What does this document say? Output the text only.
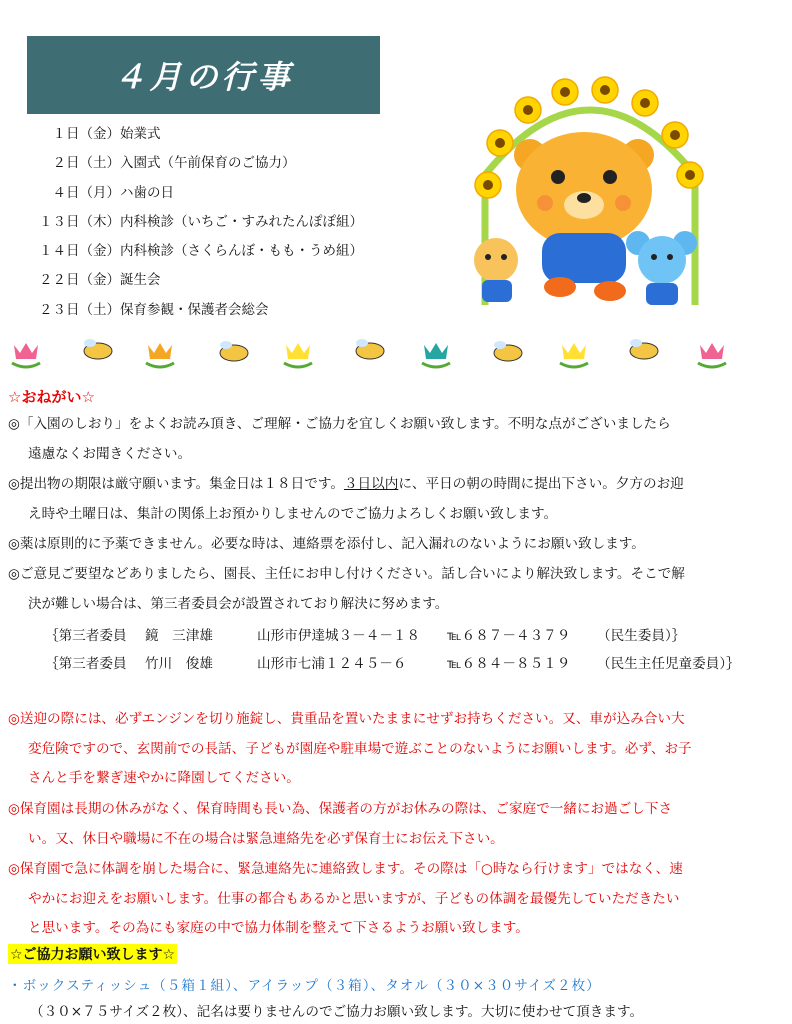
４月の行事
１日（金）始業式
２日（土）入園式（午前保育のご協力）
４日（月）ハ歯の日
１３日（木）内科検診（いちご・すみれたんぽぽ組）
１４日（金）内科検診（さくらんぼ・もも・うめ組）
２２日（金）誕生会
２３日（土）保育参観・保護者会総会
☆おねがい☆
◎「入園のしおり」をよくお読み頂き、ご理解・ご協力を宜しくお願い致します。不明な点がございましたら
遠慮なくお聞きください。
◎提出物の期限は厳守願います。集金日は１８日です。３日以内に、平日の朝の時間に提出下さい。夕方のお迎
え時や土曜日は、集計の関係上お預かりしませんのでご協力よろしくお願い致します。
◎薬は原則的に予薬できません。必要な時は、連絡票を添付し、記入漏れのないようにお願い致します。
◎ご意見ご要望などありましたら、園長、主任にお申し付けください。話し合いにより解決致します。そこで解
決が難しい場合は、第三者委員会が設置されており解決に努めます。
｛第三者委員 鏡　三津雄	山形市伊達城３－４－１８ ℡６８７－４３７９ （民生委員）｝
｛第三者委員 竹川　俊雄	山形市七浦１２４５－６	℡６８４－８５１９ （民生主任児童委員）｝
◎送迎の際には、必ずエンジンを切り施錠し、貴重品を置いたままにせずお持ちください。又、車が込み合い大
変危険ですので、玄関前での長話、子どもが園庭や駐車場で遊ぶことのないようにお願いします。必ず、お子
さんと手を繋ぎ速やかに降園してください。
◎保育園は長期の休みがなく、保育時間も長い為、保護者の方がお休みの際は、ご家庭で一緒にお過ごし下さ
い。又、休日や職場に不在の場合は緊急連絡先を必ず保育士にお伝え下さい。
◎保育園で急に体調を崩した場合に、緊急連絡先に連絡致します。その際は「○時なら行けます」ではなく、速
やかにお迎えをお願いします。仕事の都合もあるかと思いますが、子どもの体調を最優先していただきたい
と思います。その為にも家庭の中で協力体制を整えて下さるようお願い致します。
☆ご協力お願い致します☆
・ボックスティッシュ（５箱１組）、アイラップ（３箱）、タオル（３０×３０サイズ２枚）
（３０×７５サイズ２枚）、記名は要りませんのでご協力お願い致します。大切に使わせて頂きます。
